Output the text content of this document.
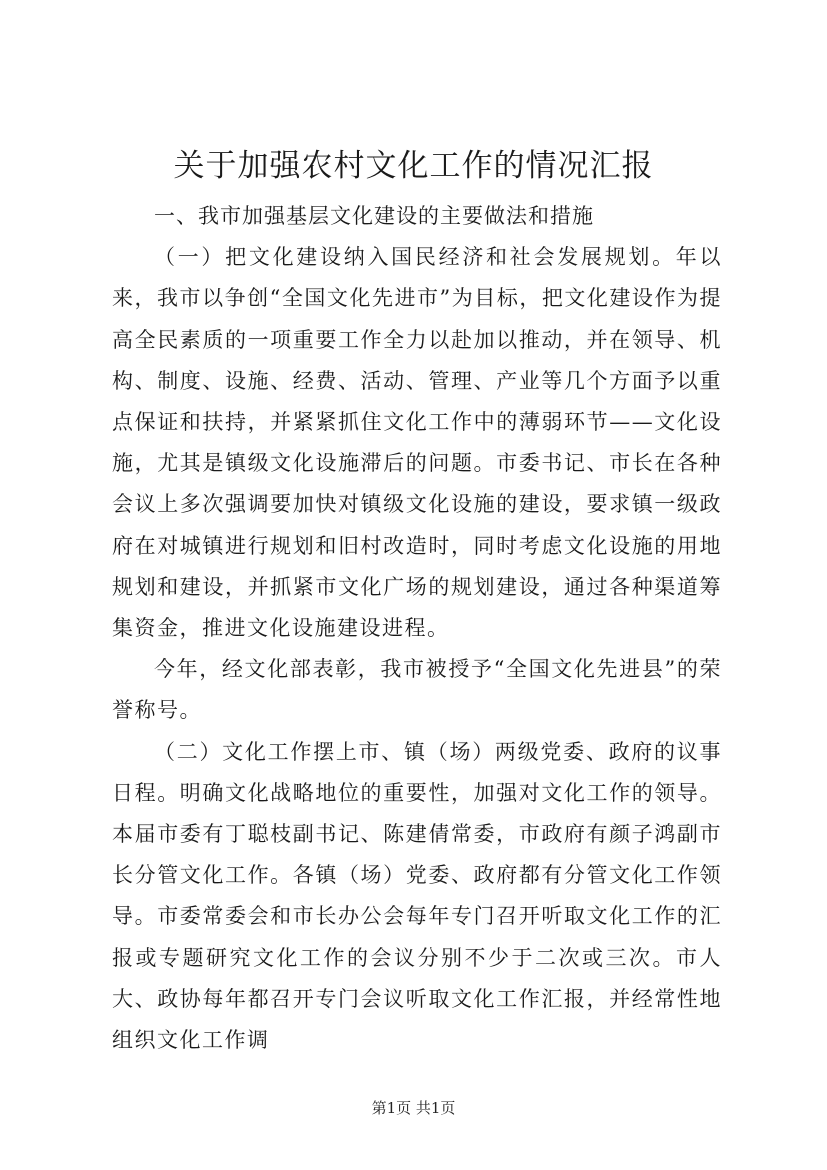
关于加强农村文化工作的情况汇报

一、我市加强基层文化建设的主要做法和措施

（一）把文化建设纳入国民经济和社会发展规划。年以来，我市以争创“全国文化先进市”为目标，把文化建设作为提高全民素质的一项重要工作全力以赴加以推动，并在领导、机构、制度、设施、经费、活动、管理、产业等几个方面予以重点保证和扶持，并紧紧抓住文化工作中的薄弱环节——文化设施，尤其是镇级文化设施滞后的问题。市委书记、市长在各种会议上多次强调要加快对镇级文化设施的建设，要求镇一级政府在对城镇进行规划和旧村改造时，同时考虑文化设施的用地规划和建设，并抓紧市文化广场的规划建设，通过各种渠道筹集资金，推进文化设施建设进程。

今年，经文化部表彰，我市被授予“全国文化先进县”的荣誉称号。

（二）文化工作摆上市、镇（场）两级党委、政府的议事日程。明确文化战略地位的重要性，加强对文化工作的领导。本届市委有丁聪枝副书记、陈建倩常委，市政府有颜子鸿副市长分管文化工作。各镇（场）党委、政府都有分管文化工作领导。市委常委会和市长办公会每年专门召开听取文化工作的汇报或专题研究文化工作的会议分别不少于二次或三次。市人大、政协每年都召开专门会议听取文化工作汇报，并经常性地组织文化工作调

第1页 共1页
